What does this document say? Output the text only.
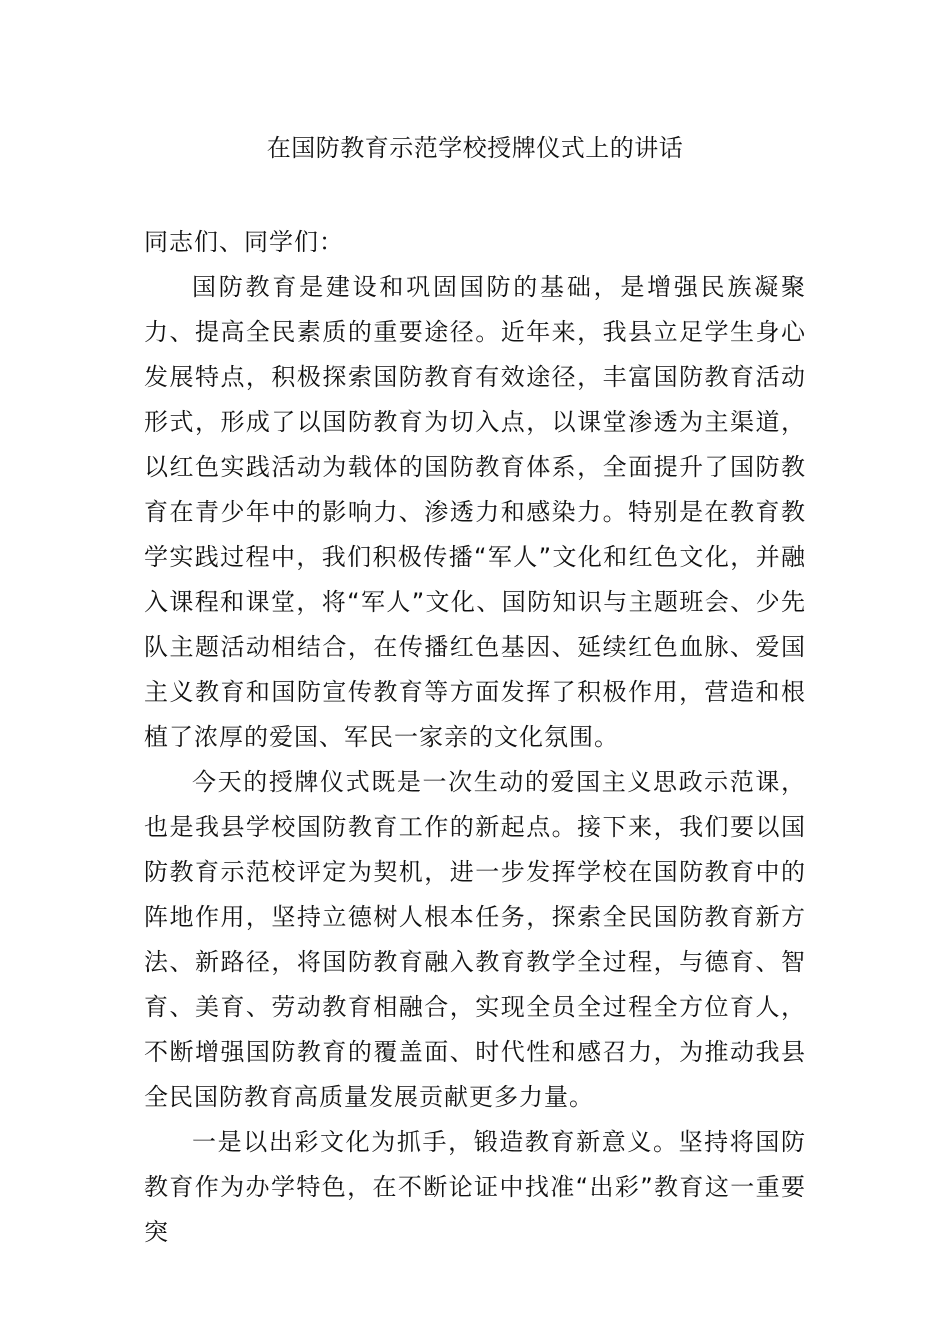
在国防教育示范学校授牌仪式上的讲话

同志们、同学们：

国防教育是建设和巩固国防的基础，是增强民族凝聚力、提高全民素质的重要途径。近年来，我县立足学生身心发展特点，积极探索国防教育有效途径，丰富国防教育活动形式，形成了以国防教育为切入点，以课堂渗透为主渠道，以红色实践活动为载体的国防教育体系，全面提升了国防教育在青少年中的影响力、渗透力和感染力。特别是在教育教学实践过程中，我们积极传播“军人”文化和红色文化，并融入课程和课堂，将“军人”文化、国防知识与主题班会、少先队主题活动相结合，在传播红色基因、延续红色血脉、爱国主义教育和国防宣传教育等方面发挥了积极作用，营造和根植了浓厚的爱国、军民一家亲的文化氛围。

今天的授牌仪式既是一次生动的爱国主义思政示范课，也是我县学校国防教育工作的新起点。接下来，我们要以国防教育示范校评定为契机，进一步发挥学校在国防教育中的阵地作用，坚持立德树人根本任务，探索全民国防教育新方法、新路径，将国防教育融入教育教学全过程，与德育、智育、美育、劳动教育相融合，实现全员全过程全方位育人，不断增强国防教育的覆盖面、时代性和感召力，为推动我县全民国防教育高质量发展贡献更多力量。

一是以出彩文化为抓手，锻造教育新意义。坚持将国防教育作为办学特色，在不断论证中找准“出彩”教育这一重要突
